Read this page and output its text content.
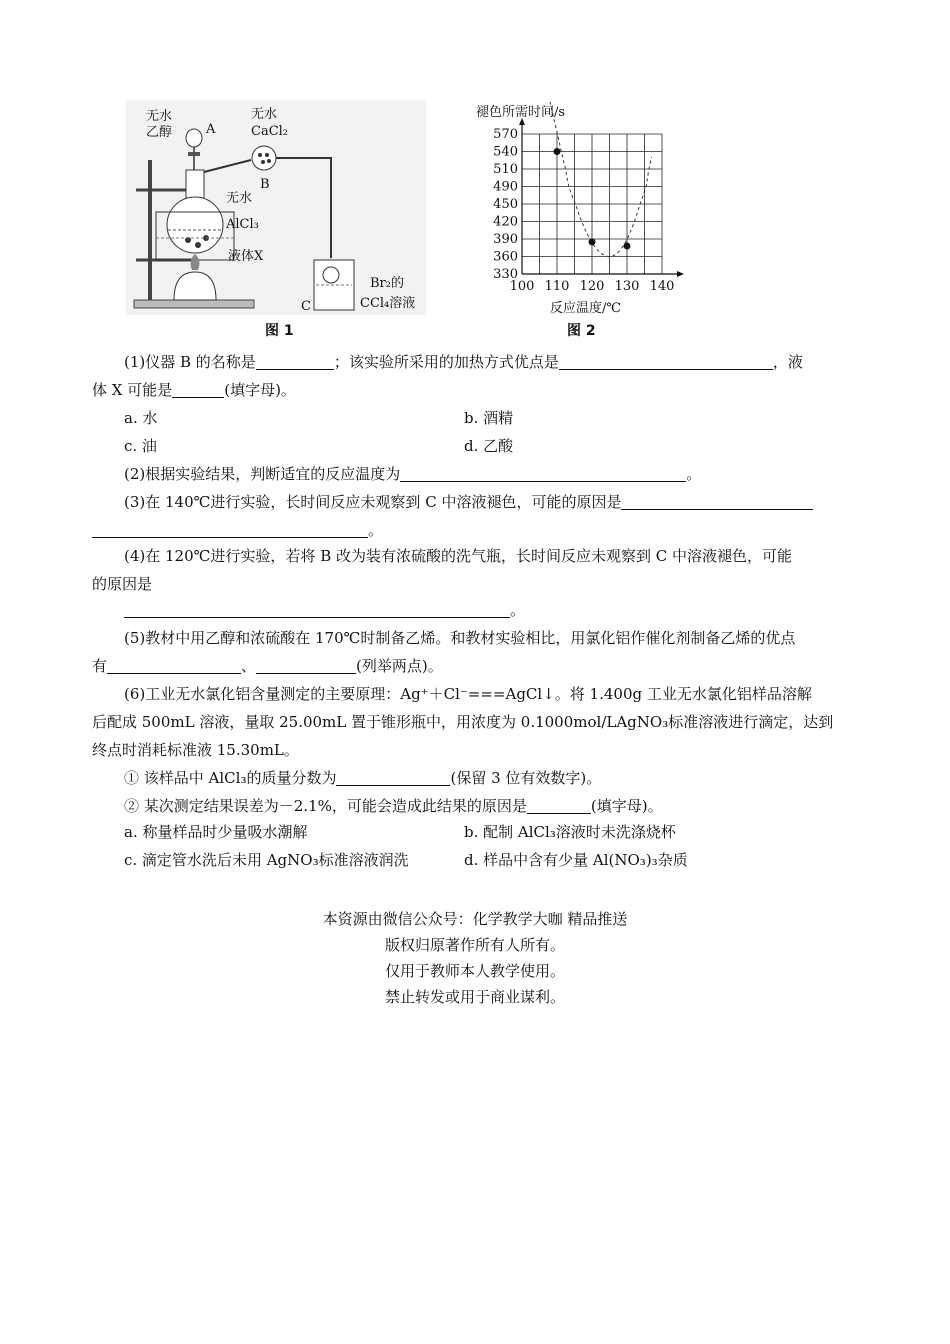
无水
乙醇	A
无水
CaCl₂
B
无水
AlCl₃
液体X
C
Br₂的
CCl₄溶液
图 1
100 110 120 130 140
330
360
390
420
450
490
510
540
570
褪色所需时间/s
反应温度/℃
图 2
(1)仪器 B 的名称是	；该实验所采用的加热方式优点是	，液
体 X 可能是	(填字母)。
a. 水	b. 酒精
c. 油	d. 乙酸
(2)根据实验结果，判断适宜的反应温度为	。
(3)在 140℃进行实验，长时间反应未观察到 C 中溶液褪色，可能的原因是
。
(4)在 120℃进行实验，若将 B 改为装有浓硫酸的洗气瓶，长时间反应未观察到 C 中溶液褪色，可能
的原因是
。
(5)教材中用乙醇和浓硫酸在 170℃时制备乙烯。和教材实验相比，用氯化铝作催化剂制备乙烯的优点
有	、	(列举两点)。
(6)工业无水氯化铝含量测定的主要原理：Ag⁺＋Cl⁻===AgCl↓。将 1.400g 工业无水氯化铝样品溶解
后配成 500mL 溶液，量取 25.00mL 置于锥形瓶中，用浓度为 0.1000mol/LAgNO₃标准溶液进行滴定，达到
终点时消耗标准液 15.30mL。
① 该样品中 AlCl₃的质量分数为	(保留 3 位有效数字)。
② 某次测定结果误差为－2.1%，可能会造成此结果的原因是	(填字母)。
a. 称量样品时少量吸水潮解	b. 配制 AlCl₃溶液时未洗涤烧杯
c. 滴定管水洗后未用 AgNO₃标准溶液润洗	d. 样品中含有少量 Al(NO₃)₃杂质
本资源由微信公众号：化学教学大咖 精品推送
版权归原著作所有人所有。
仅用于教师本人教学使用。
禁止转发或用于商业谋利。
